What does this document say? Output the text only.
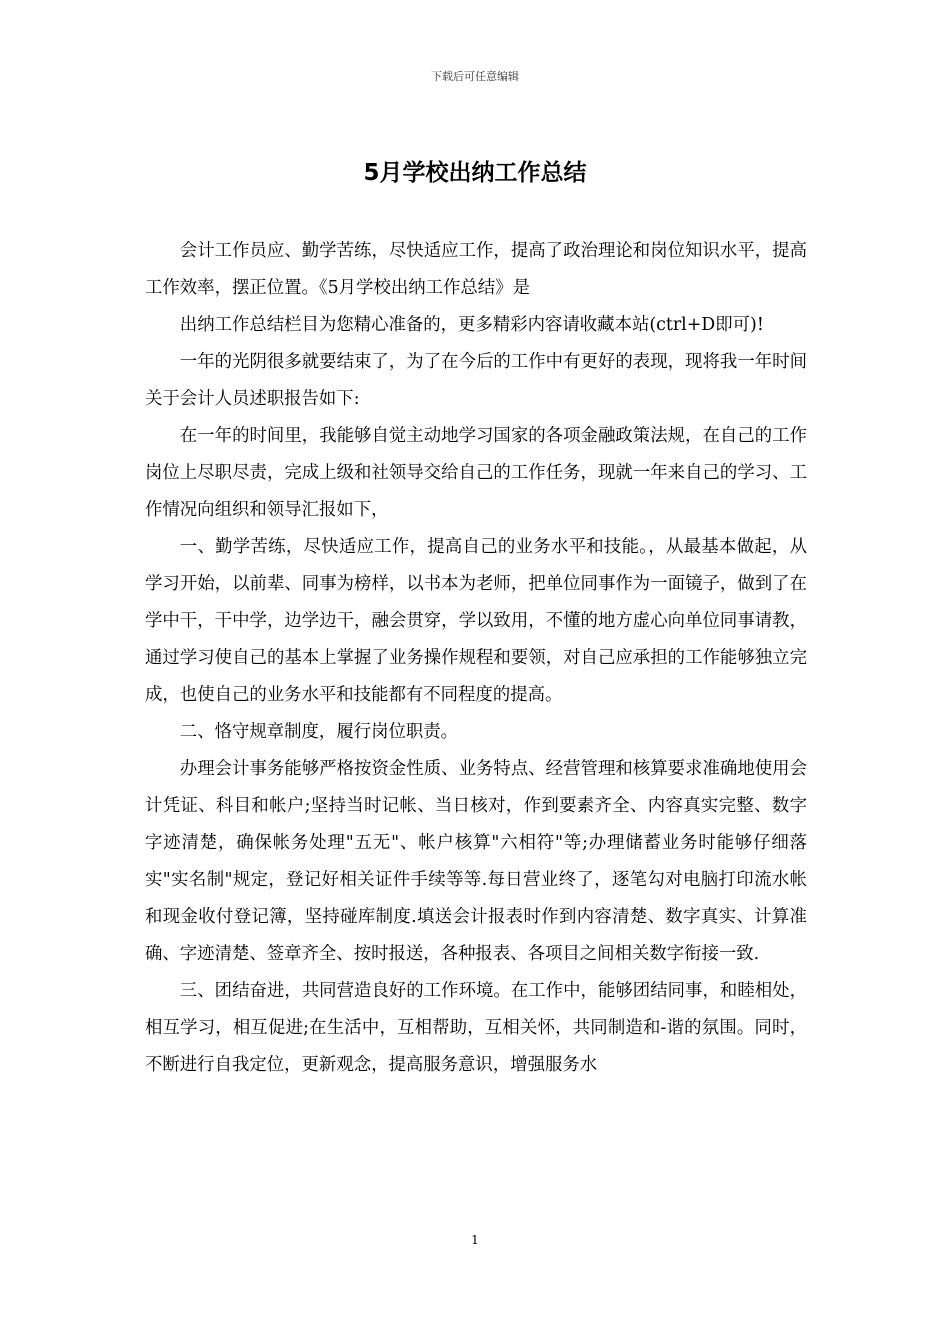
下载后可任意编辑
5月学校出纳工作总结

会计工作员应、勤学苦练，尽快适应工作，提高了政治理论和岗位知识水平，提高工作效率，摆正位置。《5月学校出纳工作总结》是

出纳工作总结栏目为您精心准备的，更多精彩内容请收藏本站(ctrl+D即可)!

一年的光阴很多就要结束了，为了在今后的工作中有更好的表现，现将我一年时间关于会计人员述职报告如下:

在一年的时间里，我能够自觉主动地学习国家的各项金融政策法规，在自己的工作岗位上尽职尽责，完成上级和社领导交给自己的工作任务，现就一年来自己的学习、工作情况向组织和领导汇报如下，

一、勤学苦练，尽快适应工作，提高自己的业务水平和技能。，从最基本做起，从学习开始，以前辈、同事为榜样，以书本为老师，把单位同事作为一面镜子，做到了在学中干，干中学，边学边干，融会贯穿，学以致用，不懂的地方虚心向单位同事请教，通过学习使自己的基本上掌握了业务操作规程和要领，对自己应承担的工作能够独立完成，也使自己的业务水平和技能都有不同程度的提高。

二、恪守规章制度，履行岗位职责。

办理会计事务能够严格按资金性质、业务特点、经营管理和核算要求准确地使用会计凭证、科目和帐户;坚持当时记帐、当日核对，作到要素齐全、内容真实完整、数字字迹清楚，确保帐务处理"五无"、帐户核算"六相符"等;办理储蓄业务时能够仔细落实"实名制"规定，登记好相关证件手续等等.每日营业终了，逐笔勾对电脑打印流水帐和现金收付登记簿，坚持碰库制度.填送会计报表时作到内容清楚、数字真实、计算准确、字迹清楚、签章齐全、按时报送，各种报表、各项目之间相关数字衔接一致.

三、团结奋进，共同营造良好的工作环境。在工作中，能够团结同事，和睦相处，相互学习，相互促进;在生活中，互相帮助，互相关怀，共同制造和-谐的氛围。同时，不断进行自我定位，更新观念，提高服务意识，增强服务水

1
